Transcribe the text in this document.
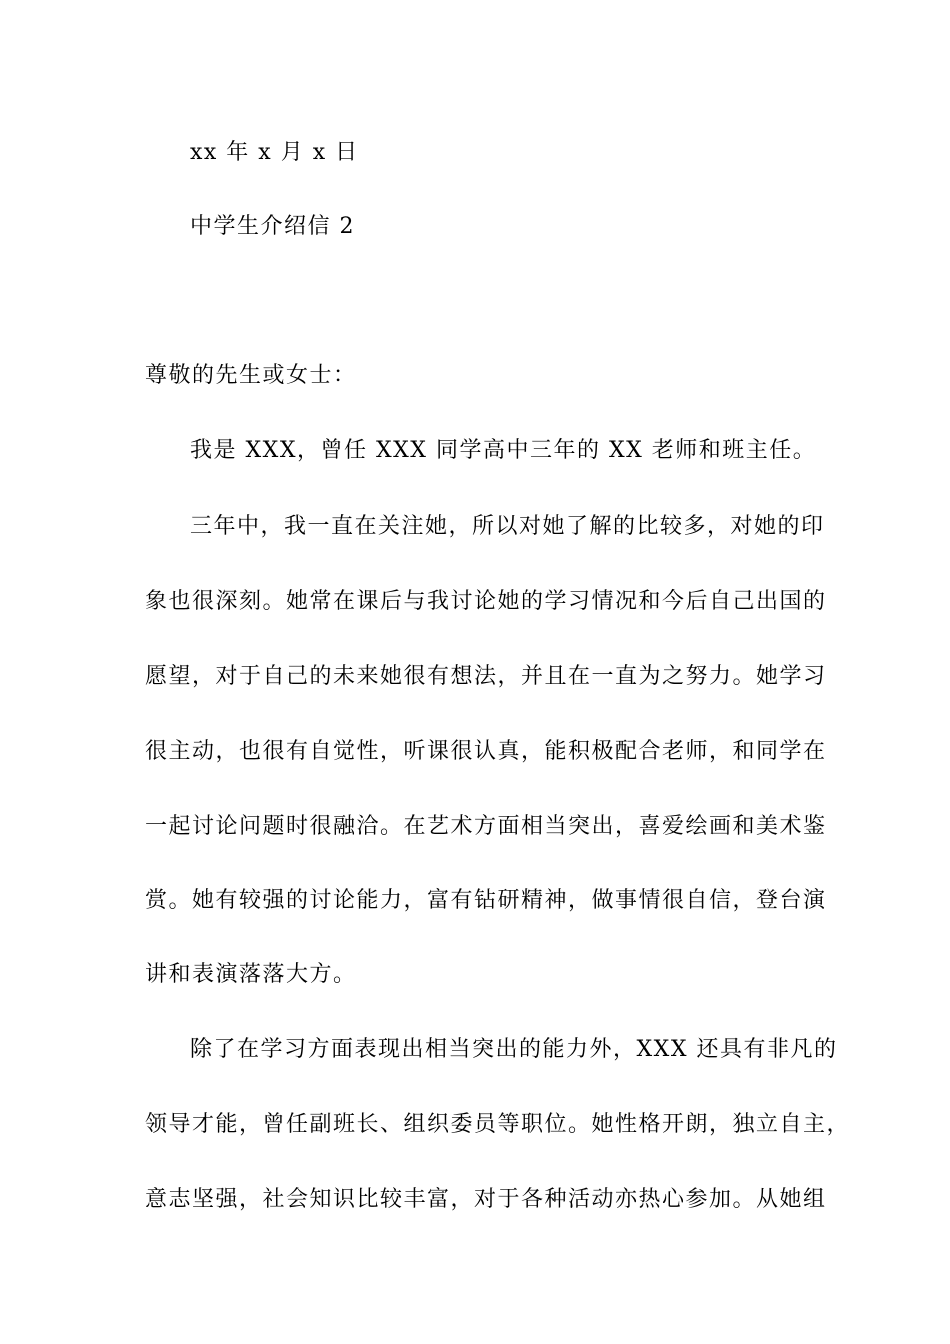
xx 年 x 月 x 日
中学生介绍信 2
尊敬的先生或女士：
我是 XXX，曾任 XXX 同学高中三年的 XX 老师和班主任。
三年中，我一直在关注她，所以对她了解的比较多，对她的印
象也很深刻。她常在课后与我讨论她的学习情况和今后自己出国的
愿望，对于自己的未来她很有想法，并且在一直为之努力。她学习
很主动，也很有自觉性，听课很认真，能积极配合老师，和同学在
一起讨论问题时很融洽。在艺术方面相当突出，喜爱绘画和美术鉴
赏。她有较强的讨论能力，富有钻研精神，做事情很自信，登台演
讲和表演落落大方。
除了在学习方面表现出相当突出的能力外，XXX 还具有非凡的
领导才能，曾任副班长、组织委员等职位。她性格开朗，独立自主，
意志坚强，社会知识比较丰富，对于各种活动亦热心参加。从她组
